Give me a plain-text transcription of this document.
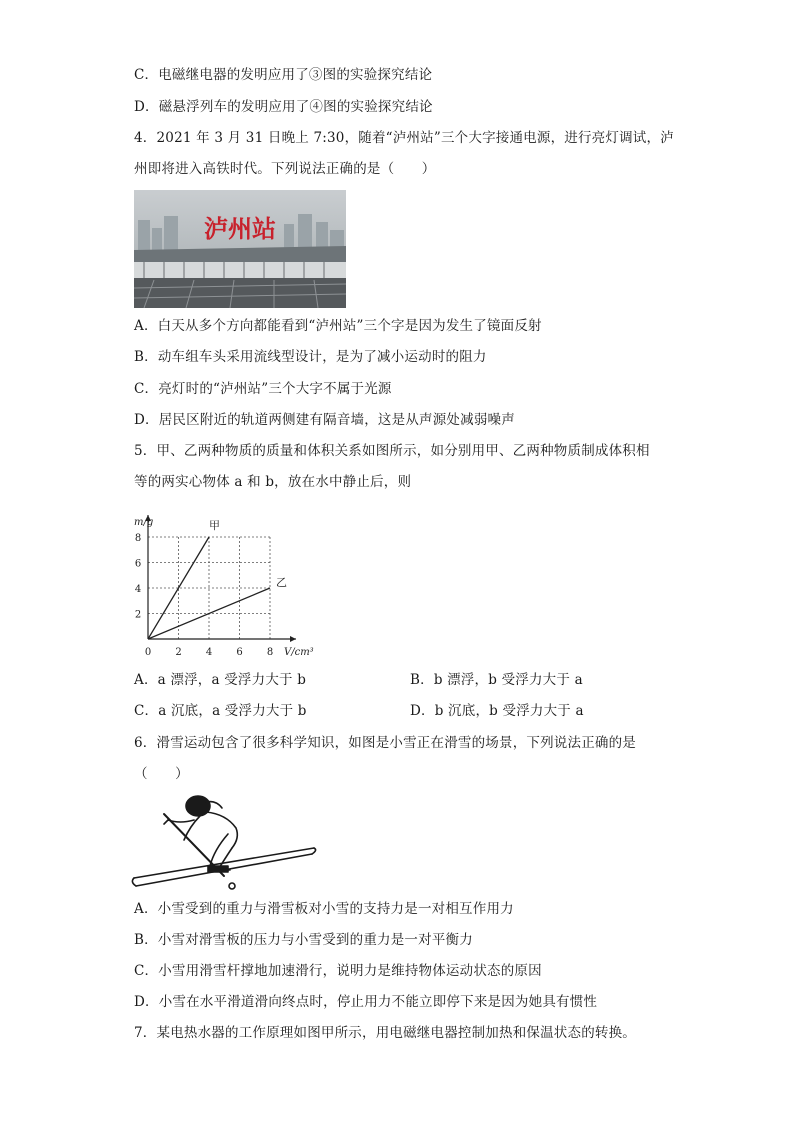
C．电磁继电器的发明应用了③图的实验探究结论
D．磁悬浮列车的发明应用了④图的实验探究结论
4．2021 年 3 月 31 日晚上 7:30，随着“泸州站”三个大字接通电源，进行亮灯调试，泸
州即将进入高铁时代。下列说法正确的是（　　）
泸州站
A．白天从多个方向都能看到“泸州站”三个字是因为发生了镜面反射
B．动车组车头采用流线型设计，是为了减小运动时的阻力
C．亮灯时的“泸州站”三个大字不属于光源
D．居民区附近的轨道两侧建有隔音墙，这是从声源处减弱噪声
5．甲、乙两种物质的质量和体积关系如图所示，如分别用甲、乙两种物质制成体积相
等的两实心物体 a 和 b，放在水中静止后，则
0 2 4 6 8
2
4
6
8
m/g
V/cm³
甲
乙
A．a 漂浮，a 受浮力大于 b	B．b 漂浮，b 受浮力大于 a
C．a 沉底，a 受浮力大于 b	D．b 沉底，b 受浮力大于 a
6．滑雪运动包含了很多科学知识，如图是小雪正在滑雪的场景，下列说法正确的是
（　　）
A．小雪受到的重力与滑雪板对小雪的支持力是一对相互作用力
B．小雪对滑雪板的压力与小雪受到的重力是一对平衡力
C．小雪用滑雪杆撑地加速滑行，说明力是维持物体运动状态的原因
D．小雪在水平滑道滑向终点时，停止用力不能立即停下来是因为她具有惯性
7．某电热水器的工作原理如图甲所示，用电磁继电器控制加热和保温状态的转换。
